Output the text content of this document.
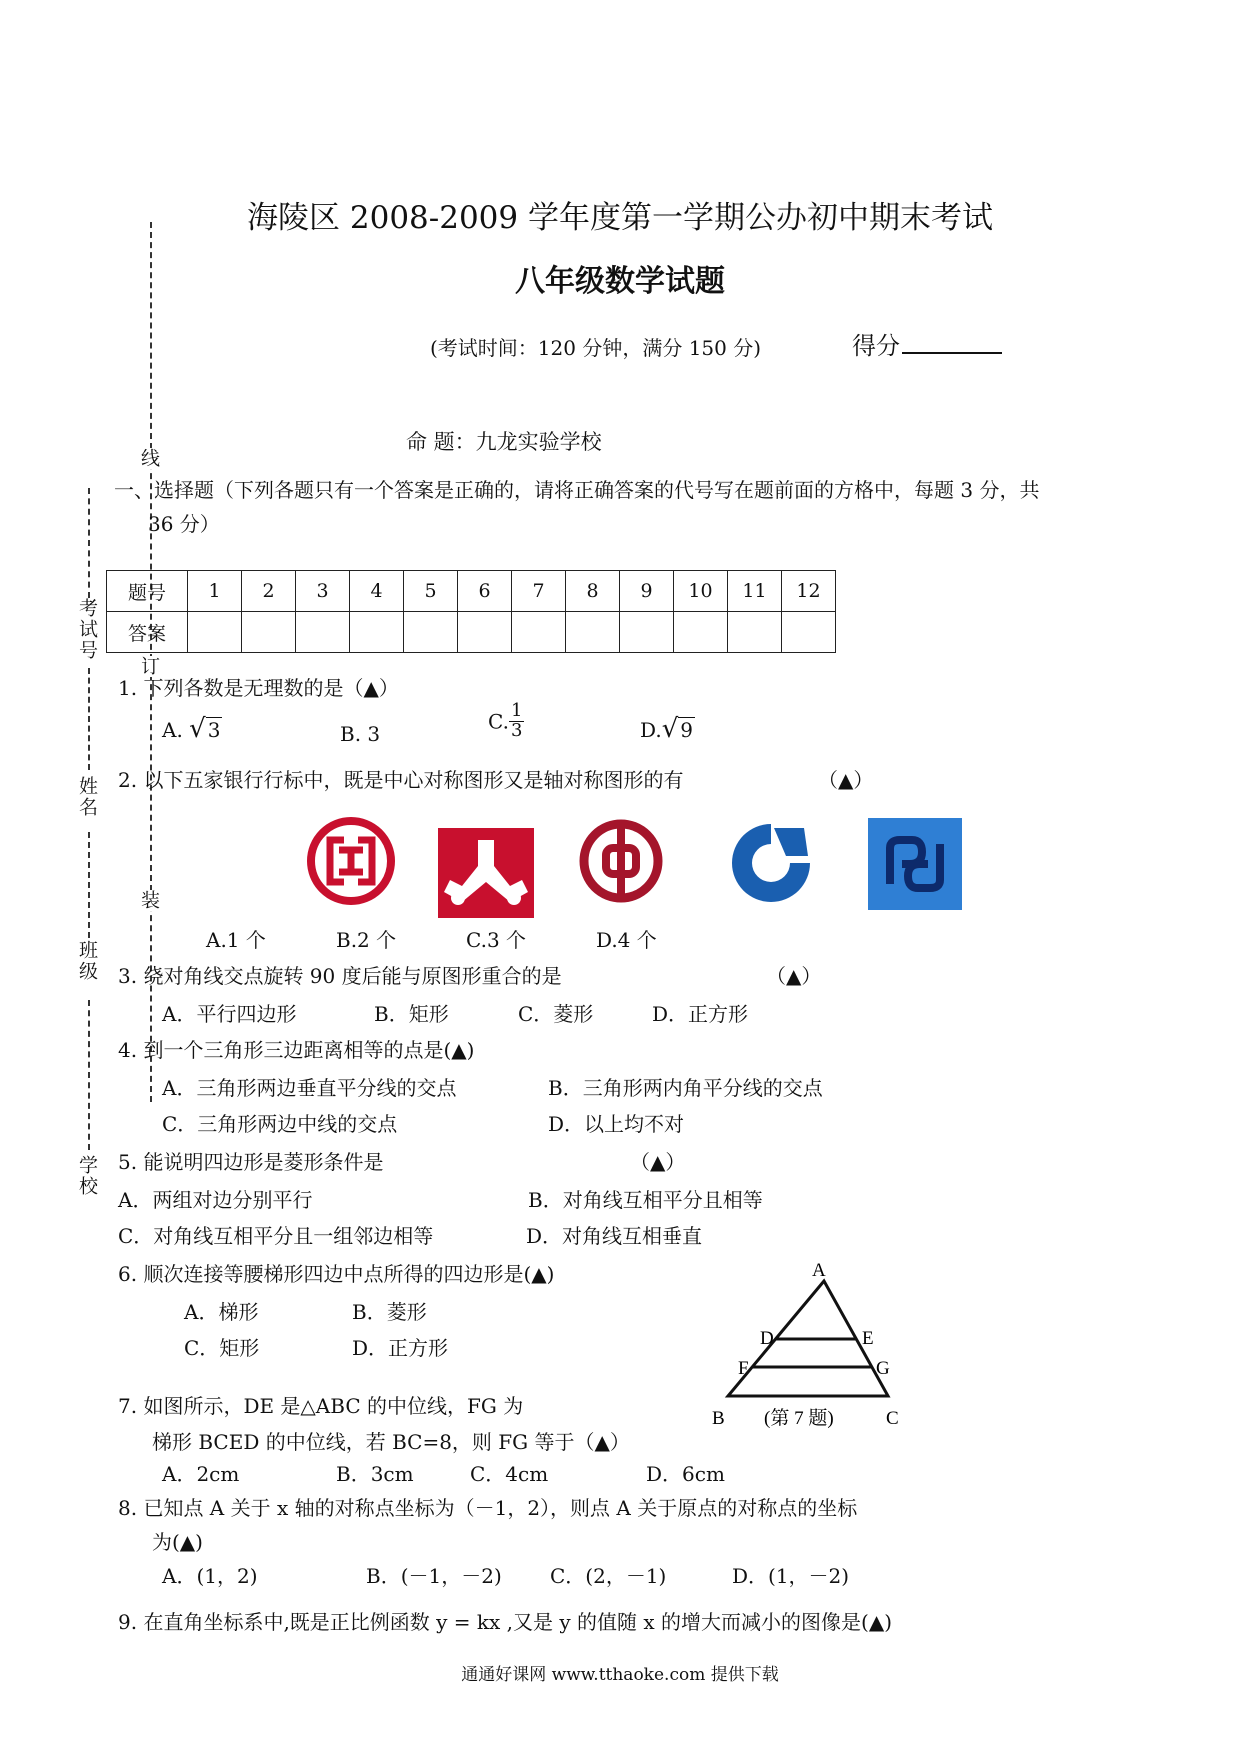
线
订
装
考试号
姓名
班级
学校
海陵区 2008-2009 学年度第一学期公办初中期末考试
八年级数学试题
(考试时间：120 分钟，满分 150 分)	得分
命 题：九龙实验学校
一、选择题（下列各题只有一个答案是正确的，请将正确答案的代号写在题前面的方格中，每题 3 分，共
36 分）
题号	1	2	3	4	5	6	7	8	9	10	11	12
答案												
1. 下列各数是无理数的是（▲）
A. √ 3	B. 3
C. $\frac{1}{3}$	D.√ 9
2. 以下五家银行行标中，既是中心对称图形又是轴对称图形的有	（▲）
A.1 个	B.2 个	C.3 个	D.4 个
3. 绕对角线交点旋转 90 度后能与原图形重合的是	（▲）
A．平行四边形	B．矩形	C．菱形	D．正方形
4. 到一个三角形三边距离相等的点是(▲)
A．三角形两边垂直平分线的交点	B．三角形两内角平分线的交点
C．三角形两边中线的交点	D．以上均不对
5. 能说明四边形是菱形条件是	（▲）
A．两组对边分别平行	B．对角线互相平分且相等
C．对角线互相平分且一组邻边相等	D．对角线互相垂直
6. 顺次连接等腰梯形四边中点所得的四边形是(▲)
A．梯形	B．菱形
C．矩形	D．正方形
A
B	C
D	E
F	G
(第 7 题)
7. 如图所示，DE 是△ABC 的中位线，FG 为
梯形 BCED 的中位线，若 BC=8，则 FG 等于（▲）
A．2cm	B．3cm	C．4cm	D．6cm
8. 已知点 A 关于 x 轴的对称点坐标为（－1，2），则点 A 关于原点的对称点的坐标
为(▲)
A．(1，2)	B．(－1，－2) C．(2，－1)	D．(1，－2)
9. 在直角坐标系中,既是正比例函数 y = kx ,又是 y 的值随 x 的增大而减小的图像是(▲)
通通好课网 www.tthaoke.com 提供下载
